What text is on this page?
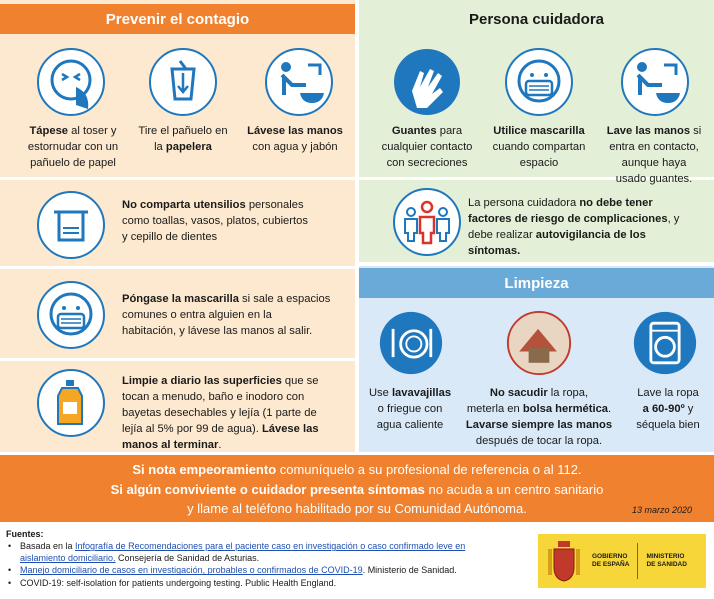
Prevenir el contagio	Persona cuidadora
Limpieza
Tápese al toser y
estornudar con un
pañuelo de papel
Tire el pañuelo en
la papelera
Lávese las manos
con agua y jabón
No comparta utensilios personales
como toallas, vasos, platos, cubiertos
y cepillo de dientes
Póngase la mascarilla si sale a espacios
comunes o entra alguien en la
habitación, y lávese las manos al salir.
Limpie a diario las superficies que se
tocan a menudo, baño e inodoro con
bayetas desechables y lejía (1 parte de
lejía al 5% por 99 de agua). Lávese las
manos al terminar.
Guantes para
cualquier contacto
con secreciones
Utilice mascarilla
cuando compartan
espacio
Lave las manos si
entra en contacto,
aunque haya
usado guantes.
La persona cuidadora no debe tener
factores de riesgo de complicaciones, y
debe realizar autovigilancia de los
síntomas.
Use lavavajillas
o friegue con
agua caliente
No sacudir la ropa,
meterla en bolsa hermética.
Lavarse siempre las manos
después de tocar la ropa.
Lave la ropa
a 60-90º y
séquela bien
Si nota empeoramiento comuníquelo a su profesional de referencia o al 112.
Si algún conviviente o cuidador presenta síntomas no acuda a un centro sanitario
y llame al teléfono habilitado por su Comunidad Autónoma.	13 marzo 2020
Fuentes:
• Basada en la Infografía de Recomendaciones para el paciente caso en investigación o caso confirmado leve en
aislamiento domiciliario. Consejería de Sanidad de Asturias.
• Manejo domiciliario de casos en investigación, probables o confirmados de COVID-19. Ministerio de Sanidad.
• COVID-19: self-isolation for patients undergoing testing. Public Health England.
GOBIERNO
DE ESPAÑA
MINISTERIO
DE SANIDAD
